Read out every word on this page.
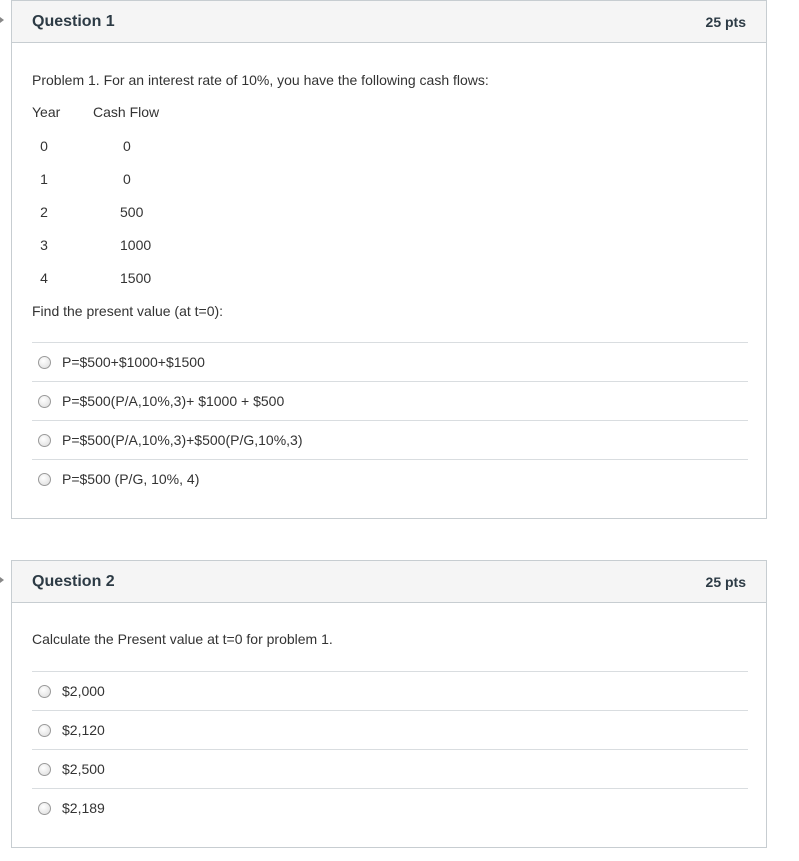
Question 1	25 pts
Problem 1. For an interest rate of 10%, you have the following cash flows:
Year Cash Flow
0	0
1	0
2	500
3	1000
4	1500
Find the present value (at t=0):
P=$500+$1000+$1500
P=$500(P/A,10%,3)+ $1000 + $500
P=$500(P/A,10%,3)+$500(P/G,10%,3)
P=$500 (P/G, 10%, 4)
Question 2	25 pts
Calculate the Present value at t=0 for problem 1.
$2,000
$2,120
$2,500
$2,189
